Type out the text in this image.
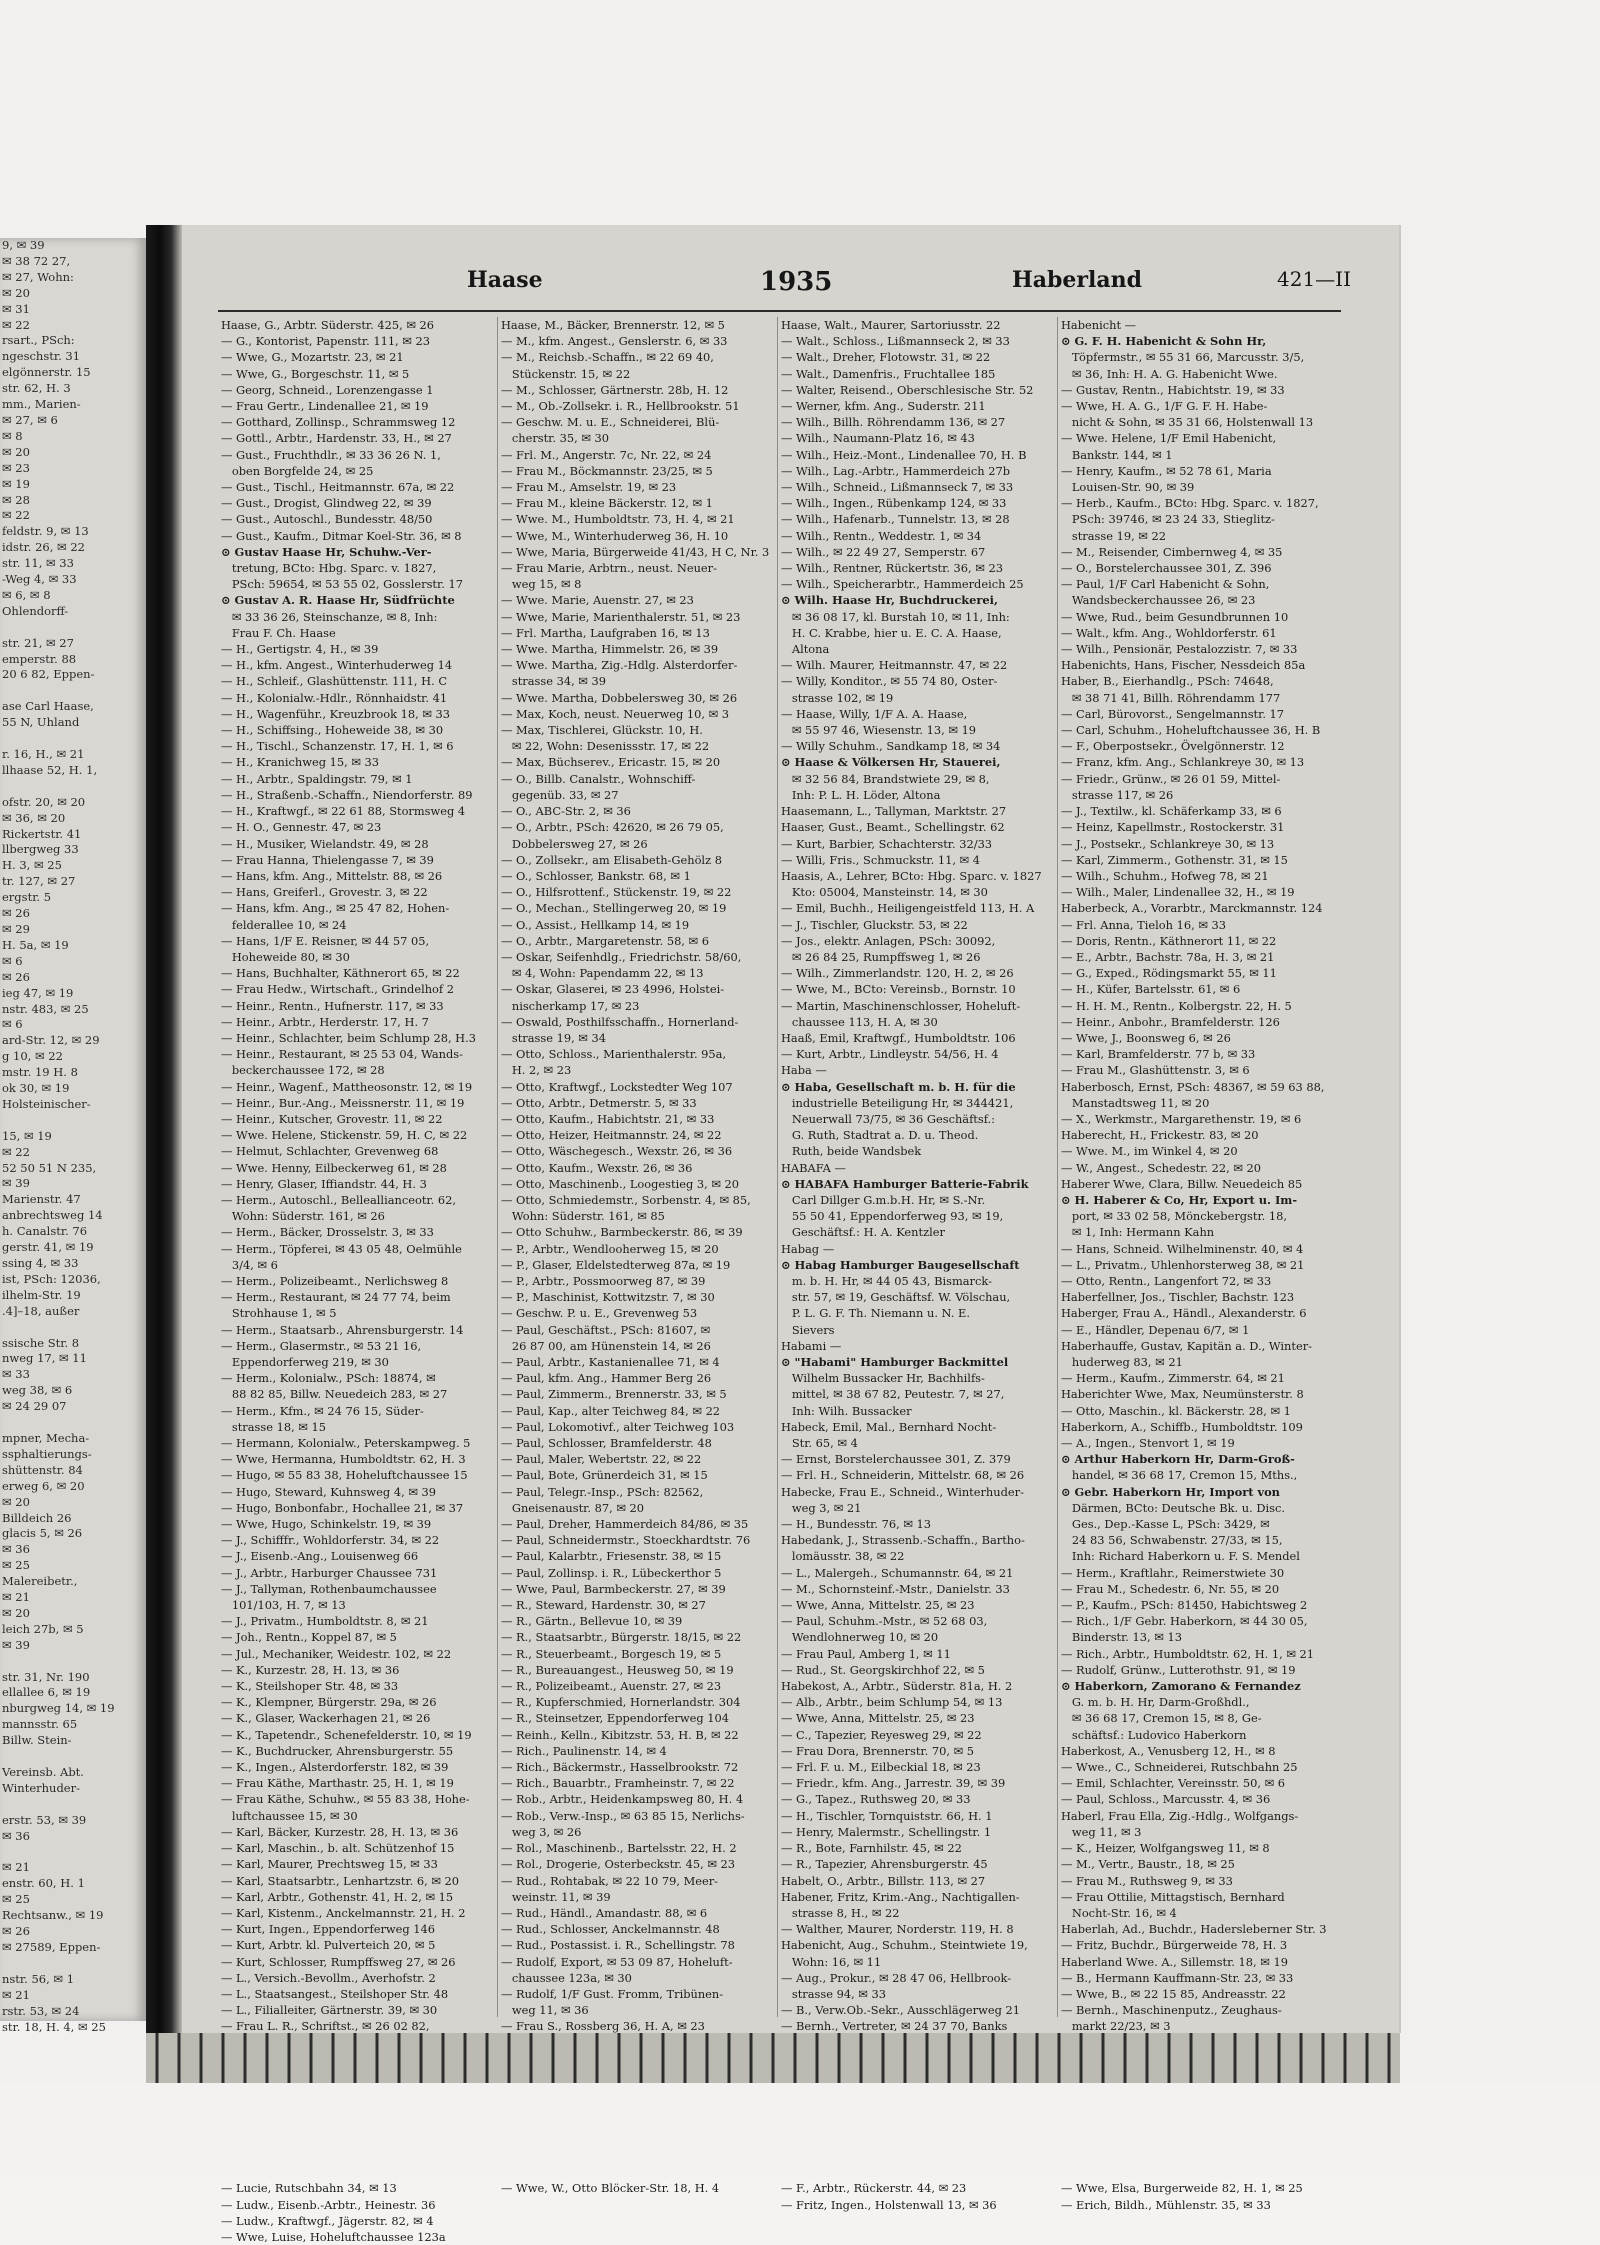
9, ✉ 39
✉ 38 72 27,
✉ 27, Wohn:
✉ 20
✉ 31
✉ 22
rsart., PSch:
ngeschstr. 31
elgönnerstr. 15
str. 62, H. 3
mm., Marien-
✉ 27, ✉ 6
✉ 8
✉ 20
✉ 23
✉ 19
✉ 28
✉ 22
feldstr. 9, ✉ 13
idstr. 26, ✉ 22
str. 11, ✉ 33
-Weg 4, ✉ 33
✉ 6, ✉ 8
Ohlendorff-

str. 21, ✉ 27
emperstr. 88
20 6 82, Eppen-

ase Carl Haase,
55 N, Uhland

r. 16, H., ✉ 21
llhaase 52, H. 1,

ofstr. 20, ✉ 20
✉ 36, ✉ 20
Rickertstr. 41
llbergweg 33
H. 3, ✉ 25
tr. 127, ✉ 27
ergstr. 5
✉ 26
✉ 29
H. 5a, ✉ 19
✉ 6
✉ 26
ieg 47, ✉ 19
nstr. 483, ✉ 25
✉ 6
ard-Str. 12, ✉ 29
g 10, ✉ 22
mstr. 19 H. 8
ok 30, ✉ 19
Holsteinischer-

15, ✉ 19
✉ 22
52 50 51 N 235,
✉ 39
Marienstr. 47
anbrechtsweg 14
h. Canalstr. 76
gerstr. 41, ✉ 19
ssing 4, ✉ 33
ist, PSch: 12036,
ilhelm-Str. 19
.4]–18, außer

ssische Str. 8
nweg 17, ✉ 11
✉ 33
weg 38, ✉ 6
✉ 24 29 07

mpner, Mecha-
ssphaltierungs-
shüttenstr. 84
erweg 6, ✉ 20
✉ 20
Billdeich 26
glacis 5, ✉ 26
✉ 36
✉ 25
Malereibetr.,
✉ 21
✉ 20
leich 27b, ✉ 5
✉ 39

str. 31, Nr. 190
ellallee 6, ✉ 19
nburgweg 14, ✉ 19
mannsstr. 65
Billw. Stein-

Vereinsb. Abt.
Winterhuder-

erstr. 53, ✉ 39
✉ 36

✉ 21
enstr. 60, H. 1
✉ 25
Rechtsanw., ✉ 19
✉ 26
✉ 27589, Eppen-

nstr. 56, ✉ 1
✉ 21
rstr. 53, ✉ 24
str. 18, H. 4, ✉ 25
Haase	1935	Haberland	421—II
Haase, G., Arbtr. Süderstr. 425, ✉ 26
— G., Kontorist, Papenstr. 111, ✉ 23
— Wwe, G., Mozartstr. 23, ✉ 21
— Wwe, G., Borgeschstr. 11, ✉ 5
— Georg, Schneid., Lorenzengasse 1
— Frau Gertr., Lindenallee 21, ✉ 19
— Gotthard, Zollinsp., Schrammsweg 12
— Gottl., Arbtr., Hardenstr. 33, H., ✉ 27
— Gust., Fruchthdlr., ✉ 33 36 26 N. 1,
oben Borgfelde 24, ✉ 25
— Gust., Tischl., Heitmannstr. 67a, ✉ 22
— Gust., Drogist, Glindweg 22, ✉ 39
— Gust., Autoschl., Bundesstr. 48/50
— Gust., Kaufm., Ditmar Koel-Str. 36, ✉ 8
⊙ Gustav Haase Hr, Schuhw.-Ver-
tretung, BCto: Hbg. Sparc. v. 1827,
PSch: 59654, ✉ 53 55 02, Gosslerstr. 17
⊙ Gustav A. R. Haase Hr, Südfrüchte
✉ 33 36 26, Steinschanze, ✉ 8, Inh:
Frau F. Ch. Haase
— H., Gertigstr. 4, H., ✉ 39
— H., kfm. Angest., Winterhuderweg 14
— H., Schleif., Glashüttenstr. 111, H. C
— H., Kolonialw.-Hdlr., Rönnhaidstr. 41
— H., Wagenführ., Kreuzbrook 18, ✉ 33
— H., Schiffsing., Hoheweide 38, ✉ 30
— H., Tischl., Schanzenstr. 17, H. 1, ✉ 6
— H., Kranichweg 15, ✉ 33
— H., Arbtr., Spaldingstr. 79, ✉ 1
— H., Straßenb.-Schaffn., Niendorferstr. 89
— H., Kraftwgf., ✉ 22 61 88, Stormsweg 4
— H. O., Gennestr. 47, ✉ 23
— H., Musiker, Wielandstr. 49, ✉ 28
— Frau Hanna, Thielengasse 7, ✉ 39
— Hans, kfm. Ang., Mittelstr. 88, ✉ 26
— Hans, Greiferl., Grovestr. 3, ✉ 22
— Hans, kfm. Ang., ✉ 25 47 82, Hohen-
felderallee 10, ✉ 24
— Hans, 1/F E. Reisner, ✉ 44 57 05,
Hoheweide 80, ✉ 30
— Hans, Buchhalter, Käthnerort 65, ✉ 22
— Frau Hedw., Wirtschaft., Grindelhof 2
— Heinr., Rentn., Hufnerstr. 117, ✉ 33
— Heinr., Arbtr., Herderstr. 17, H. 7
— Heinr., Schlachter, beim Schlump 28, H.3
— Heinr., Restaurant, ✉ 25 53 04, Wands-
beckerchaussee 172, ✉ 28
— Heinr., Wagenf., Mattheosonstr. 12, ✉ 19
— Heinr., Bur.-Ang., Meissnerstr. 11, ✉ 19
— Heinr., Kutscher, Grovestr. 11, ✉ 22
— Wwe. Helene, Stickenstr. 59, H. C, ✉ 22
— Helmut, Schlachter, Grevenweg 68
— Wwe. Henny, Eilbeckerweg 61, ✉ 28
— Henry, Glaser, Iffiandstr. 44, H. 3
— Herm., Autoschl., Belleallianceotr. 62,
Wohn: Süderstr. 161, ✉ 26
— Herm., Bäcker, Drosselstr. 3, ✉ 33
— Herm., Töpferei, ✉ 43 05 48, Oelmühle
3/4, ✉ 6
— Herm., Polizeibeamt., Nerlichsweg 8
— Herm., Restaurant, ✉ 24 77 74, beim
Strohhause 1, ✉ 5
— Herm., Staatsarb., Ahrensburgerstr. 14
— Herm., Glasermstr., ✉ 53 21 16,
Eppendorferweg 219, ✉ 30
— Herm., Kolonialw., PSch: 18874, ✉
88 82 85, Billw. Neuedeich 283, ✉ 27
— Herm., Kfm., ✉ 24 76 15, Süder-
strasse 18, ✉ 15
— Hermann, Kolonialw., Peterskampweg. 5
— Wwe, Hermanna, Humboldtstr. 62, H. 3
— Hugo, ✉ 55 83 38, Hoheluftchaussee 15
— Hugo, Steward, Kuhnsweg 4, ✉ 39
— Hugo, Bonbonfabr., Hochallee 21, ✉ 37
— Wwe, Hugo, Schinkelstr. 19, ✉ 39
— J., Schifffr., Wohldorferstr. 34, ✉ 22
— J., Eisenb.-Ang., Louisenweg 66
— J., Arbtr., Harburger Chaussee 731
— J., Tallyman, Rothenbaumchaussee
101/103, H. 7, ✉ 13
— J., Privatm., Humboldtstr. 8, ✉ 21
— Joh., Rentn., Koppel 87, ✉ 5
— Jul., Mechaniker, Weidestr. 102, ✉ 22
— K., Kurzestr. 28, H. 13, ✉ 36
— K., Steilshoper Str. 48, ✉ 33
— K., Klempner, Bürgerstr. 29a, ✉ 26
— K., Glaser, Wackerhagen 21, ✉ 26
— K., Tapetendr., Schenefelderstr. 10, ✉ 19
— K., Buchdrucker, Ahrensburgerstr. 55
— K., Ingen., Alsterdorferstr. 182, ✉ 39
— Frau Käthe, Marthastr. 25, H. 1, ✉ 19
— Frau Käthe, Schuhw., ✉ 55 83 38, Hohe-
luftchaussee 15, ✉ 30
— Karl, Bäcker, Kurzestr. 28, H. 13, ✉ 36
— Karl, Maschin., b. alt. Schützenhof 15
— Karl, Maurer, Prechtsweg 15, ✉ 33
— Karl, Staatsarbtr., Lenhartzstr. 6, ✉ 20
— Karl, Arbtr., Gothenstr. 41, H. 2, ✉ 15
— Karl, Kistenm., Anckelmannstr. 21, H. 2
— Kurt, Ingen., Eppendorferweg 146
— Kurt, Arbtr. kl. Pulverteich 20, ✉ 5
— Kurt, Schlosser, Rumpffsweg 27, ✉ 26
— L., Versich.-Bevollm., Averhofstr. 2
— L., Staatsangest., Steilshoper Str. 48
— L., Filialleiter, Gärtnerstr. 39, ✉ 30
— Frau L. R., Schriftst., ✉ 26 02 82,
— Lucie, Rutschbahn 34, ✉ 13
— Ludw., Eisenb.-Arbtr., Heinestr. 36
— Ludw., Kraftwgf., Jägerstr. 82, ✉ 4
— Wwe, Luise, Hoheluftchaussee 123a
Haase, M., Bäcker, Brennerstr. 12, ✉ 5
— M., kfm. Angest., Genslerstr. 6, ✉ 33
— M., Reichsb.-Schaffn., ✉ 22 69 40,
Stückenstr. 15, ✉ 22
— M., Schlosser, Gärtnerstr. 28b, H. 12
— M., Ob.-Zollsekr. i. R., Hellbrookstr. 51
— Geschw. M. u. E., Schneiderei, Blü-
cherstr. 35, ✉ 30
— Frl. M., Angerstr. 7c, Nr. 22, ✉ 24
— Frau M., Böckmannstr. 23/25, ✉ 5
— Frau M., Amselstr. 19, ✉ 23
— Frau M., kleine Bäckerstr. 12, ✉ 1
— Wwe. M., Humboldtstr. 73, H. 4, ✉ 21
— Wwe, M., Winterhuderweg 36, H. 10
— Wwe, Maria, Bürgerweide 41/43, H C, Nr. 3
— Frau Marie, Arbtrn., neust. Neuer-
weg 15, ✉ 8
— Wwe. Marie, Auenstr. 27, ✉ 23
— Wwe, Marie, Marienthalerstr. 51, ✉ 23
— Frl. Martha, Laufgraben 16, ✉ 13
— Wwe. Martha, Himmelstr. 26, ✉ 39
— Wwe. Martha, Zig.-Hdlg. Alsterdorfer-
strasse 34, ✉ 39
— Wwe. Martha, Dobbelersweg 30, ✉ 26
— Max, Koch, neust. Neuerweg 10, ✉ 3
— Max, Tischlerei, Glückstr. 10, H.
✉ 22, Wohn: Desenissstr. 17, ✉ 22
— Max, Büchserev., Ericastr. 15, ✉ 20
— O., Billb. Canalstr., Wohnschiff-
gegenüb. 33, ✉ 27
— O., ABC-Str. 2, ✉ 36
— O., Arbtr., PSch: 42620, ✉ 26 79 05,
Dobbelersweg 27, ✉ 26
— O., Zollsekr., am Elisabeth-Gehölz 8
— O., Schlosser, Bankstr. 68, ✉ 1
— O., Hilfsrottenf., Stückenstr. 19, ✉ 22
— O., Mechan., Stellingerweg 20, ✉ 19
— O., Assist., Hellkamp 14, ✉ 19
— O., Arbtr., Margaretenstr. 58, ✉ 6
— Oskar, Seifenhdlg., Friedrichstr. 58/60,
✉ 4, Wohn: Papendamm 22, ✉ 13
— Oskar, Glaserei, ✉ 23 4996, Holstei-
nischerkamp 17, ✉ 23
— Oswald, Posthilfsschaffn., Hornerland-
strasse 19, ✉ 34
— Otto, Schloss., Marienthalerstr. 95a,
H. 2, ✉ 23
— Otto, Kraftwgf., Lockstedter Weg 107
— Otto, Arbtr., Detmerstr. 5, ✉ 33
— Otto, Kaufm., Habichtstr. 21, ✉ 33
— Otto, Heizer, Heitmannstr. 24, ✉ 22
— Otto, Wäschegesch., Wexstr. 26, ✉ 36
— Otto, Kaufm., Wexstr. 26, ✉ 36
— Otto, Maschinenb., Loogestieg 3, ✉ 20
— Otto, Schmiedemstr., Sorbenstr. 4, ✉ 85,
Wohn: Süderstr. 161, ✉ 85
— Otto Schuhw., Barmbeckerstr. 86, ✉ 39
— P., Arbtr., Wendlooherweg 15, ✉ 20
— P., Glaser, Eldelstedterweg 87a, ✉ 19
— P., Arbtr., Possmoorweg 87, ✉ 39
— P., Maschinist, Kottwitzstr. 7, ✉ 30
— Geschw. P. u. E., Grevenweg 53
— Paul, Geschäftst., PSch: 81607, ✉
26 87 00, am Hünenstein 14, ✉ 26
— Paul, Arbtr., Kastanienallee 71, ✉ 4
— Paul, kfm. Ang., Hammer Berg 26
— Paul, Zimmerm., Brennerstr. 33, ✉ 5
— Paul, Kap., alter Teichweg 84, ✉ 22
— Paul, Lokomotivf., alter Teichweg 103
— Paul, Schlosser, Bramfelderstr. 48
— Paul, Maler, Webertstr. 22, ✉ 22
— Paul, Bote, Grünerdeich 31, ✉ 15
— Paul, Telegr.-Insp., PSch: 82562,
Gneisenaustr. 87, ✉ 20
— Paul, Dreher, Hammerdeich 84/86, ✉ 35
— Paul, Schneidermstr., Stoeckhardtstr. 76
— Paul, Kalarbtr., Friesenstr. 38, ✉ 15
— Paul, Zollinsp. i. R., Lübeckerthor 5
— Wwe, Paul, Barmbeckerstr. 27, ✉ 39
— R., Steward, Hardenstr. 30, ✉ 27
— R., Gärtn., Bellevue 10, ✉ 39
— R., Staatsarbtr., Bürgerstr. 18/15, ✉ 22
— R., Steuerbeamt., Borgesch 19, ✉ 5
— R., Bureauangest., Heusweg 50, ✉ 19
— R., Polizeibeamt., Auenstr. 27, ✉ 23
— R., Kupferschmied, Hornerlandstr. 304
— R., Steinsetzer, Eppendorferweg 104
— Reinh., Kelln., Kibitzstr. 53, H. B, ✉ 22
— Rich., Paulinenstr. 14, ✉ 4
— Rich., Bäckermstr., Hasselbrookstr. 72
— Rich., Bauarbtr., Framheinstr. 7, ✉ 22
— Rob., Arbtr., Heidenkampsweg 80, H. 4
— Rob., Verw.-Insp., ✉ 63 85 15, Nerlichs-
weg 3, ✉ 26
— Rol., Maschinenb., Bartelsstr. 22, H. 2
— Rol., Drogerie, Osterbeckstr. 45, ✉ 23
— Rud., Rohtabak, ✉ 22 10 79, Meer-
weinstr. 11, ✉ 39
— Rud., Händl., Amandastr. 88, ✉ 6
— Rud., Schlosser, Anckelmannstr. 48
— Rud., Postassist. i. R., Schellingstr. 78
— Rudolf, Export, ✉ 53 09 87, Hoheluft-
chaussee 123a, ✉ 30
— Rudolf, 1/F Gust. Fromm, Tribünen-
weg 11, ✉ 36
— Frau S., Rossberg 36, H. A, ✉ 23
— Wwe, W., Otto Blöcker-Str. 18, H. 4
Haase, Walt., Maurer, Sartoriusstr. 22
— Walt., Schloss., Lißmannseck 2, ✉ 33
— Walt., Dreher, Flotowstr. 31, ✉ 22
— Walt., Damenfris., Fruchtallee 185
— Walter, Reisend., Oberschlesische Str. 52
— Werner, kfm. Ang., Suderstr. 211
— Wilh., Billh. Röhrendamm 136, ✉ 27
— Wilh., Naumann-Platz 16, ✉ 43
— Wilh., Heiz.-Mont., Lindenallee 70, H. B
— Wilh., Lag.-Arbtr., Hammerdeich 27b
— Wilh., Schneid., Lißmannseck 7, ✉ 33
— Wilh., Ingen., Rübenkamp 124, ✉ 33
— Wilh., Hafenarb., Tunnelstr. 13, ✉ 28
— Wilh., Rentn., Weddestr. 1, ✉ 34
— Wilh., ✉ 22 49 27, Semperstr. 67
— Wilh., Rentner, Rückertstr. 36, ✉ 23
— Wilh., Speicherarbtr., Hammerdeich 25
⊙ Wilh. Haase Hr, Buchdruckerei,
✉ 36 08 17, kl. Burstah 10, ✉ 11, Inh:
H. C. Krabbe, hier u. E. C. A. Haase,
Altona
— Wilh. Maurer, Heitmannstr. 47, ✉ 22
— Willy, Konditor., ✉ 55 74 80, Oster-
strasse 102, ✉ 19
— Haase, Willy, 1/F A. A. Haase,
✉ 55 97 46, Wiesenstr. 13, ✉ 19
— Willy Schuhm., Sandkamp 18, ✉ 34
⊙ Haase & Völkersen Hr, Stauerei,
✉ 32 56 84, Brandstwiete 29, ✉ 8,
Inh: P. L. H. Löder, Altona
Haasemann, L., Tallyman, Marktstr. 27
Haaser, Gust., Beamt., Schellingstr. 62
— Kurt, Barbier, Schachterstr. 32/33
— Willi, Fris., Schmuckstr. 11, ✉ 4
Haasis, A., Lehrer, BCto: Hbg. Sparc. v. 1827
Kto: 05004, Mansteinstr. 14, ✉ 30
— Emil, Buchh., Heiligengeistfeld 113, H. A
— J., Tischler, Gluckstr. 53, ✉ 22
— Jos., elektr. Anlagen, PSch: 30092,
✉ 26 84 25, Rumpffsweg 1, ✉ 26
— Wilh., Zimmerlandstr. 120, H. 2, ✉ 26
— Wwe, M., BCto: Vereinsb., Bornstr. 10
— Martin, Maschinenschlosser, Hoheluft-
chaussee 113, H. A, ✉ 30
Haaß, Emil, Kraftwgf., Humboldtstr. 106
— Kurt, Arbtr., Lindleystr. 54/56, H. 4
Haba —
⊙ Haba, Gesellschaft m. b. H. für die
industrielle Beteiligung Hr, ✉ 344421,
Neuerwall 73/75, ✉ 36 Geschäftsf.:
G. Ruth, Stadtrat a. D. u. Theod.
Ruth, beide Wandsbek
HABAFA —
⊙ HABAFA Hamburger Batterie-Fabrik
Carl Dillger G.m.b.H. Hr, ✉ S.-Nr.
55 50 41, Eppendorferweg 93, ✉ 19,
Geschäftsf.: H. A. Kentzler
Habag —
⊙ Habag Hamburger Baugesellschaft
m. b. H. Hr, ✉ 44 05 43, Bismarck-
str. 57, ✉ 19, Geschäftsf. W. Völschau,
P. L. G. F. Th. Niemann u. N. E.
Sievers
Habami —
⊙ "Habami" Hamburger Backmittel
Wilhelm Bussacker Hr, Bachhilfs-
mittel, ✉ 38 67 82, Peutestr. 7, ✉ 27,
Inh: Wilh. Bussacker
Habeck, Emil, Mal., Bernhard Nocht-
Str. 65, ✉ 4
— Ernst, Borstelerchaussee 301, Z. 379
— Frl. H., Schneiderin, Mittelstr. 68, ✉ 26
Habecke, Frau E., Schneid., Winterhuder-
weg 3, ✉ 21
— H., Bundesstr. 76, ✉ 13
Habedank, J., Strassenb.-Schaffn., Bartho-
lomäusstr. 38, ✉ 22
— L., Malergeh., Schumannstr. 64, ✉ 21
— M., Schornsteinf.-Mstr., Danielstr. 33
— Wwe, Anna, Mittelstr. 25, ✉ 23
— Paul, Schuhm.-Mstr., ✉ 52 68 03,
Wendlohnerweg 10, ✉ 20
— Frau Paul, Amberg 1, ✉ 11
— Rud., St. Georgskirchhof 22, ✉ 5
Habekost, A., Arbtr., Süderstr. 81a, H. 2
— Alb., Arbtr., beim Schlump 54, ✉ 13
— Wwe, Anna, Mittelstr. 25, ✉ 23
— C., Tapezier, Reyesweg 29, ✉ 22
— Frau Dora, Brennerstr. 70, ✉ 5
— Frl. F. u. M., Eilbeckial 18, ✉ 23
— Friedr., kfm. Ang., Jarrestr. 39, ✉ 39
— G., Tapez., Ruthsweg 20, ✉ 33
— H., Tischler, Tornquiststr. 66, H. 1
— Henry, Malermstr., Schellingstr. 1
— R., Bote, Farnhilstr. 45, ✉ 22
— R., Tapezier, Ahrensburgerstr. 45
Habelt, O., Arbtr., Billstr. 113, ✉ 27
Habener, Fritz, Krim.-Ang., Nachtigallen-
strasse 8, H., ✉ 22
— Walther, Maurer, Norderstr. 119, H. 8
Habenicht, Aug., Schuhm., Steintwiete 19,
Wohn: 16, ✉ 11
— Aug., Prokur., ✉ 28 47 06, Hellbrook-
strasse 94, ✉ 33
— B., Verw.Ob.-Sekr., Ausschlägerweg 21
— Bernh., Vertreter, ✉ 24 37 70, Banks
— F., Arbtr., Rückerstr. 44, ✉ 23
— Fritz, Ingen., Holstenwall 13, ✉ 36
Habenicht —
⊙ G. F. H. Habenicht & Sohn Hr,
Töpfermstr., ✉ 55 31 66, Marcusstr. 3/5,
✉ 36, Inh: H. A. G. Habenicht Wwe.
— Gustav, Rentn., Habichtstr. 19, ✉ 33
— Wwe, H. A. G., 1/F G. F. H. Habe-
nicht & Sohn, ✉ 35 31 66, Holstenwall 13
— Wwe. Helene, 1/F Emil Habenicht,
Bankstr. 144, ✉ 1
— Henry, Kaufm., ✉ 52 78 61, Maria
Louisen-Str. 90, ✉ 39
— Herb., Kaufm., BCto: Hbg. Sparc. v. 1827,
PSch: 39746, ✉ 23 24 33, Stieglitz-
strasse 19, ✉ 22
— M., Reisender, Cimbernweg 4, ✉ 35
— O., Borstelerchaussee 301, Z. 396
— Paul, 1/F Carl Habenicht & Sohn,
Wandsbeckerchaussee 26, ✉ 23
— Wwe, Rud., beim Gesundbrunnen 10
— Walt., kfm. Ang., Wohldorferstr. 61
— Wilh., Pensionär, Pestalozzistr. 7, ✉ 33
Habenichts, Hans, Fischer, Nessdeich 85a
Haber, B., Eierhandlg., PSch: 74648,
✉ 38 71 41, Billh. Röhrendamm 177
— Carl, Bürovorst., Sengelmannstr. 17
— Carl, Schuhm., Hoheluftchaussee 36, H. B
— F., Oberpostsekr., Övelgönnerstr. 12
— Franz, kfm. Ang., Schlankreye 30, ✉ 13
— Friedr., Grünw., ✉ 26 01 59, Mittel-
strasse 117, ✉ 26
— J., Textilw., kl. Schäferkamp 33, ✉ 6
— Heinz, Kapellmstr., Rostockerstr. 31
— J., Postsekr., Schlankreye 30, ✉ 13
— Karl, Zimmerm., Gothenstr. 31, ✉ 15
— Wilh., Schuhm., Hofweg 78, ✉ 21
— Wilh., Maler, Lindenallee 32, H., ✉ 19
Haberbeck, A., Vorarbtr., Marckmannstr. 124
— Frl. Anna, Tieloh 16, ✉ 33
— Doris, Rentn., Käthnerort 11, ✉ 22
— E., Arbtr., Bachstr. 78a, H. 3, ✉ 21
— G., Exped., Rödingsmarkt 55, ✉ 11
— H., Küfer, Bartelsstr. 61, ✉ 6
— H. H. M., Rentn., Kolbergstr. 22, H. 5
— Heinr., Anbohr., Bramfelderstr. 126
— Wwe, J., Boonsweg 6, ✉ 26
— Karl, Bramfelderstr. 77 b, ✉ 33
— Frau M., Glashüttenstr. 3, ✉ 6
Haberbosch, Ernst, PSch: 48367, ✉ 59 63 88,
Manstadtsweg 11, ✉ 20
— X., Werkmstr., Margarethenstr. 19, ✉ 6
Haberecht, H., Frickestr. 83, ✉ 20
— Wwe. M., im Winkel 4, ✉ 20
— W., Angest., Schedestr. 22, ✉ 20
Haberer Wwe, Clara, Billw. Neuedeich 85
⊙ H. Haberer & Co, Hr, Export u. Im-
port, ✉ 33 02 58, Mönckebergstr. 18,
✉ 1, Inh: Hermann Kahn
— Hans, Schneid. Wilhelminenstr. 40, ✉ 4
— L., Privatm., Uhlenhorsterweg 38, ✉ 21
— Otto, Rentn., Langenfort 72, ✉ 33
Haberfellner, Jos., Tischler, Bachstr. 123
Haberger, Frau A., Händl., Alexanderstr. 6
— E., Händler, Depenau 6/7, ✉ 1
Haberhauffe, Gustav, Kapitän a. D., Winter-
huderweg 83, ✉ 21
— Herm., Kaufm., Zimmerstr. 64, ✉ 21
Haberichter Wwe, Max, Neumünsterstr. 8
— Otto, Maschin., kl. Bäckerstr. 28, ✉ 1
Haberkorn, A., Schiffb., Humboldtstr. 109
— A., Ingen., Stenvort 1, ✉ 19
⊙ Arthur Haberkorn Hr, Darm-Groß-
handel, ✉ 36 68 17, Cremon 15, Mths.,
⊙ Gebr. Haberkorn Hr, Import von
Därmen, BCto: Deutsche Bk. u. Disc.
Ges., Dep.-Kasse L, PSch: 3429, ✉
24 83 56, Schwabenstr. 27/33, ✉ 15,
Inh: Richard Haberkorn u. F. S. Mendel
— Herm., Kraftlahr., Reimerstwiete 30
— Frau M., Schedestr. 6, Nr. 55, ✉ 20
— P., Kaufm., PSch: 81450, Habichtsweg 2
— Rich., 1/F Gebr. Haberkorn, ✉ 44 30 05,
Binderstr. 13, ✉ 13
— Rich., Arbtr., Humboldtstr. 62, H. 1, ✉ 21
— Rudolf, Grünw., Lutterothstr. 91, ✉ 19
⊙ Haberkorn, Zamorano & Fernandez
G. m. b. H. Hr, Darm-Großhdl.,
✉ 36 68 17, Cremon 15, ✉ 8, Ge-
schäftsf.: Ludovico Haberkorn
Haberkost, A., Venusberg 12, H., ✉ 8
— Wwe., C., Schneiderei, Rutschbahn 25
— Emil, Schlachter, Vereinsstr. 50, ✉ 6
— Paul, Schloss., Marcusstr. 4, ✉ 36
Haberl, Frau Ella, Zig.-Hdlg., Wolfgangs-
weg 11, ✉ 3
— K., Heizer, Wolfgangsweg 11, ✉ 8
— M., Vertr., Baustr., 18, ✉ 25
— Frau M., Ruthsweg 9, ✉ 33
— Frau Ottilie, Mittagstisch, Bernhard
Nocht-Str. 16, ✉ 4
Haberlah, Ad., Buchdr., Hadersleberner Str. 3
— Fritz, Buchdr., Bürgerweide 78, H. 3
Haberland Wwe. A., Sillemstr. 18, ✉ 19
— B., Hermann Kauffmann-Str. 23, ✉ 33
— Wwe, B., ✉ 22 15 85, Andreasstr. 22
— Bernh., Maschinenputz., Zeughaus-
markt 22/23, ✉ 3
— Wwe, Elsa, Burgerweide 82, H. 1, ✉ 25
— Erich, Bildh., Mühlenstr. 35, ✉ 33
